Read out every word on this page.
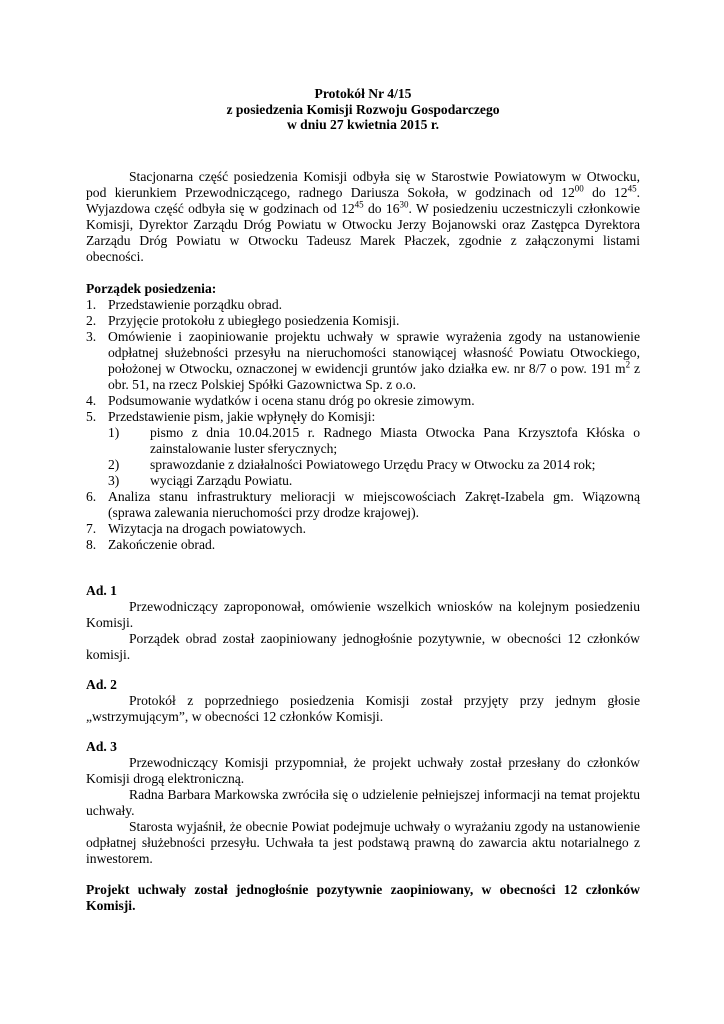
Protokół Nr 4/15
z posiedzenia Komisji Rozwoju Gospodarczego
w dniu 27 kwietnia 2015 r.
Stacjonarna część posiedzenia Komisji odbyła się w Starostwie Powiatowym w Otwocku, pod kierunkiem Przewodniczącego, radnego Dariusza Sokoła, w godzinach od $12^{00}$ do $12^{45}$. Wyjazdowa część odbyła się w godzinach od $12^{45}$ do $16^{30}$. W posiedzeniu uczestniczyli członkowie Komisji, Dyrektor Zarządu Dróg Powiatu w Otwocku Jerzy Bojanowski oraz Zastępca Dyrektora Zarządu Dróg Powiatu w Otwocku Tadeusz Marek Płaczek, zgodnie z załączonymi listami obecności.
Porządek posiedzenia:
1. Przedstawienie porządku obrad.
2. Przyjęcie protokołu z ubiegłego posiedzenia Komisji.
3. Omówienie i zaopiniowanie projektu uchwały w sprawie wyrażenia zgody na ustanowienie odpłatnej służebności przesyłu na nieruchomości stanowiącej własność Powiatu Otwockiego, położonej w Otwocku, oznaczonej w ewidencji gruntów jako działka ew. nr 8/7 o pow. 191 $m^2$ z obr. 51, na rzecz Polskiej Spółki Gazownictwa Sp. z o.o.
4. Podsumowanie wydatków i ocena stanu dróg po okresie zimowym.
5. Przedstawienie pism, jakie wpłynęły do Komisji:
1) pismo z dnia 10.04.2015 r. Radnego Miasta Otwocka Pana Krzysztofa Kłóska o zainstalowanie luster sferycznych;
2) sprawozdanie z działalności Powiatowego Urzędu Pracy w Otwocku za 2014 rok;
3) wyciągi Zarządu Powiatu.
6. Analiza stanu infrastruktury melioracji w miejscowościach Zakręt-Izabela gm. Wiązowną (sprawa zalewania nieruchomości przy drodze krajowej).
7. Wizytacja na drogach powiatowych.
8. Zakończenie obrad.
Ad. 1
Przewodniczący zaproponował, omówienie wszelkich wniosków na kolejnym posiedzeniu Komisji.
Porządek obrad został zaopiniowany jednogłośnie pozytywnie, w obecności 12 członków komisji.
Ad. 2
Protokół z poprzedniego posiedzenia Komisji został przyjęty przy jednym głosie „wstrzymującym”, w obecności 12 członków Komisji.
Ad. 3
Przewodniczący Komisji przypomniał, że projekt uchwały został przesłany do członków Komisji drogą elektroniczną.
Radna Barbara Markowska zwróciła się o udzielenie pełniejszej informacji na temat projektu uchwały.
Starosta wyjaśnił, że obecnie Powiat podejmuje uchwały o wyrażaniu zgody na ustanowienie odpłatnej służebności przesyłu. Uchwała ta jest podstawą prawną do zawarcia aktu notarialnego z inwestorem.
Projekt uchwały został jednogłośnie pozytywnie zaopiniowany, w obecności 12 członków Komisji.
